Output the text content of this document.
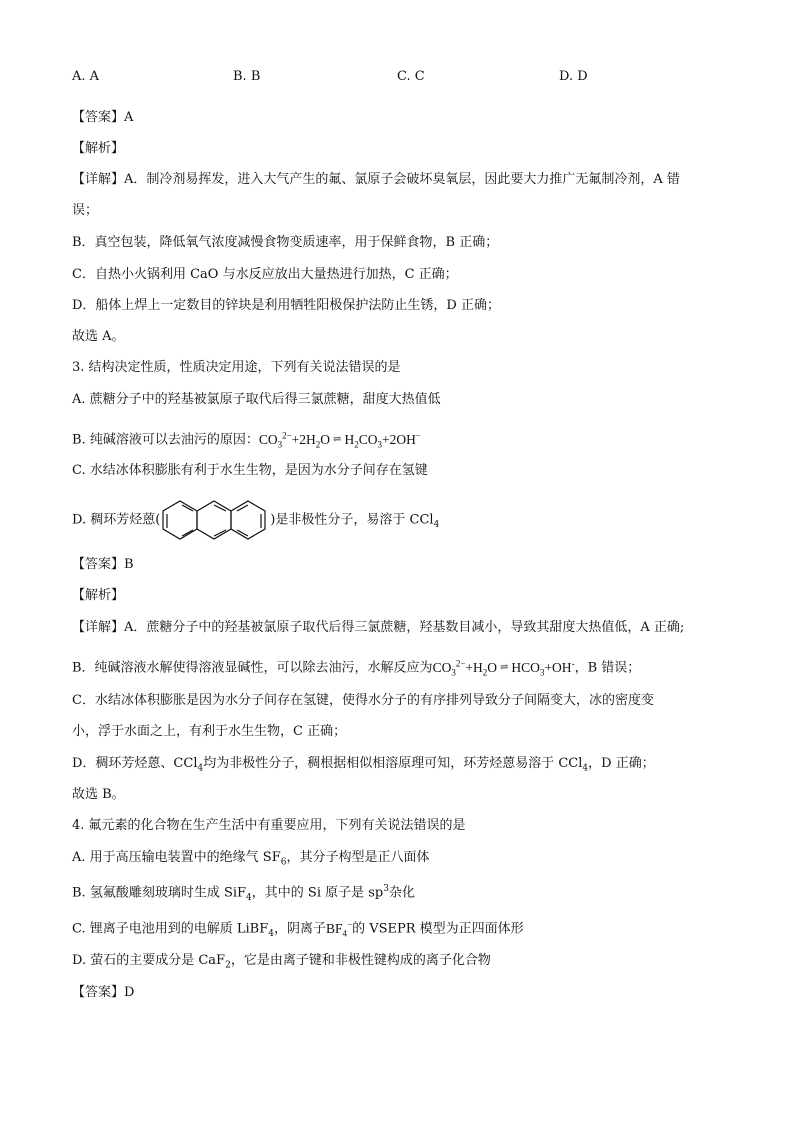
A. A	B. B	C. C	D. D
【答案】A
【解析】
【详解】A．制冷剂易挥发，进入大气产生的氟、氯原子会破坏臭氧层，因此要大力推广无氟制冷剂，A 错
误；
B．真空包装，降低氧气浓度减慢食物变质速率，用于保鲜食物，B 正确；
C．自热小火锅利用 CaO 与水反应放出大量热进行加热，C 正确；
D．船体上焊上一定数目的锌块是利用牺牲阳极保护法防止生锈，D 正确；
故选 A。
3. 结构决定性质，性质决定用途，下列有关说法错误的是
A. 蔗糖分子中的羟基被氯原子取代后得三氯蔗糖，甜度大热值低
B. 纯碱溶液可以去油污的原因：$CO_3^{2-}+2H_2O$ ⇌ $H_2CO_3+2OH^-$
C. 水结冰体积膨胀有利于水生生物，是因为水分子间存在氢键
D. 稠环芳烃蒽(	)是非极性分子，易溶于 CCl$_4$
【答案】B
【解析】
【详解】A．蔗糖分子中的羟基被氯原子取代后得三氯蔗糖，羟基数目减小，导致其甜度大热值低，A 正确;
B．纯碱溶液水解使得溶液显碱性，可以除去油污，水解反应为$CO_3^{2-}+H_2O$ ⇌ $HCO_3+OH^-$，B 错误；
C．水结冰体积膨胀是因为水分子间存在氢键，使得水分子的有序排列导致分子间隔变大，冰的密度变
小，浮于水面之上，有利于水生生物，C 正确；
D．稠环芳烃蒽、CCl$_4$均为非极性分子，稠根据相似相溶原理可知，环芳烃蒽易溶于 CCl$_4$，D 正确；
故选 B。
4. 氟元素的化合物在生产生活中有重要应用，下列有关说法错误的是
A. 用于高压输电装置中的绝缘气 $SF_6$，其分子构型是正八面体
B. 氢氟酸雕刻玻璃时生成 SiF$_4$，其中的 Si 原子是 $sp^3$杂化
C. 锂离子电池用到的电解质 LiBF$_4$，阴离子$BF_4^-$的 VSEPR 模型为正四面体形
D. 萤石的主要成分是 CaF$_2$，它是由离子键和非极性键构成的离子化合物
【答案】D
